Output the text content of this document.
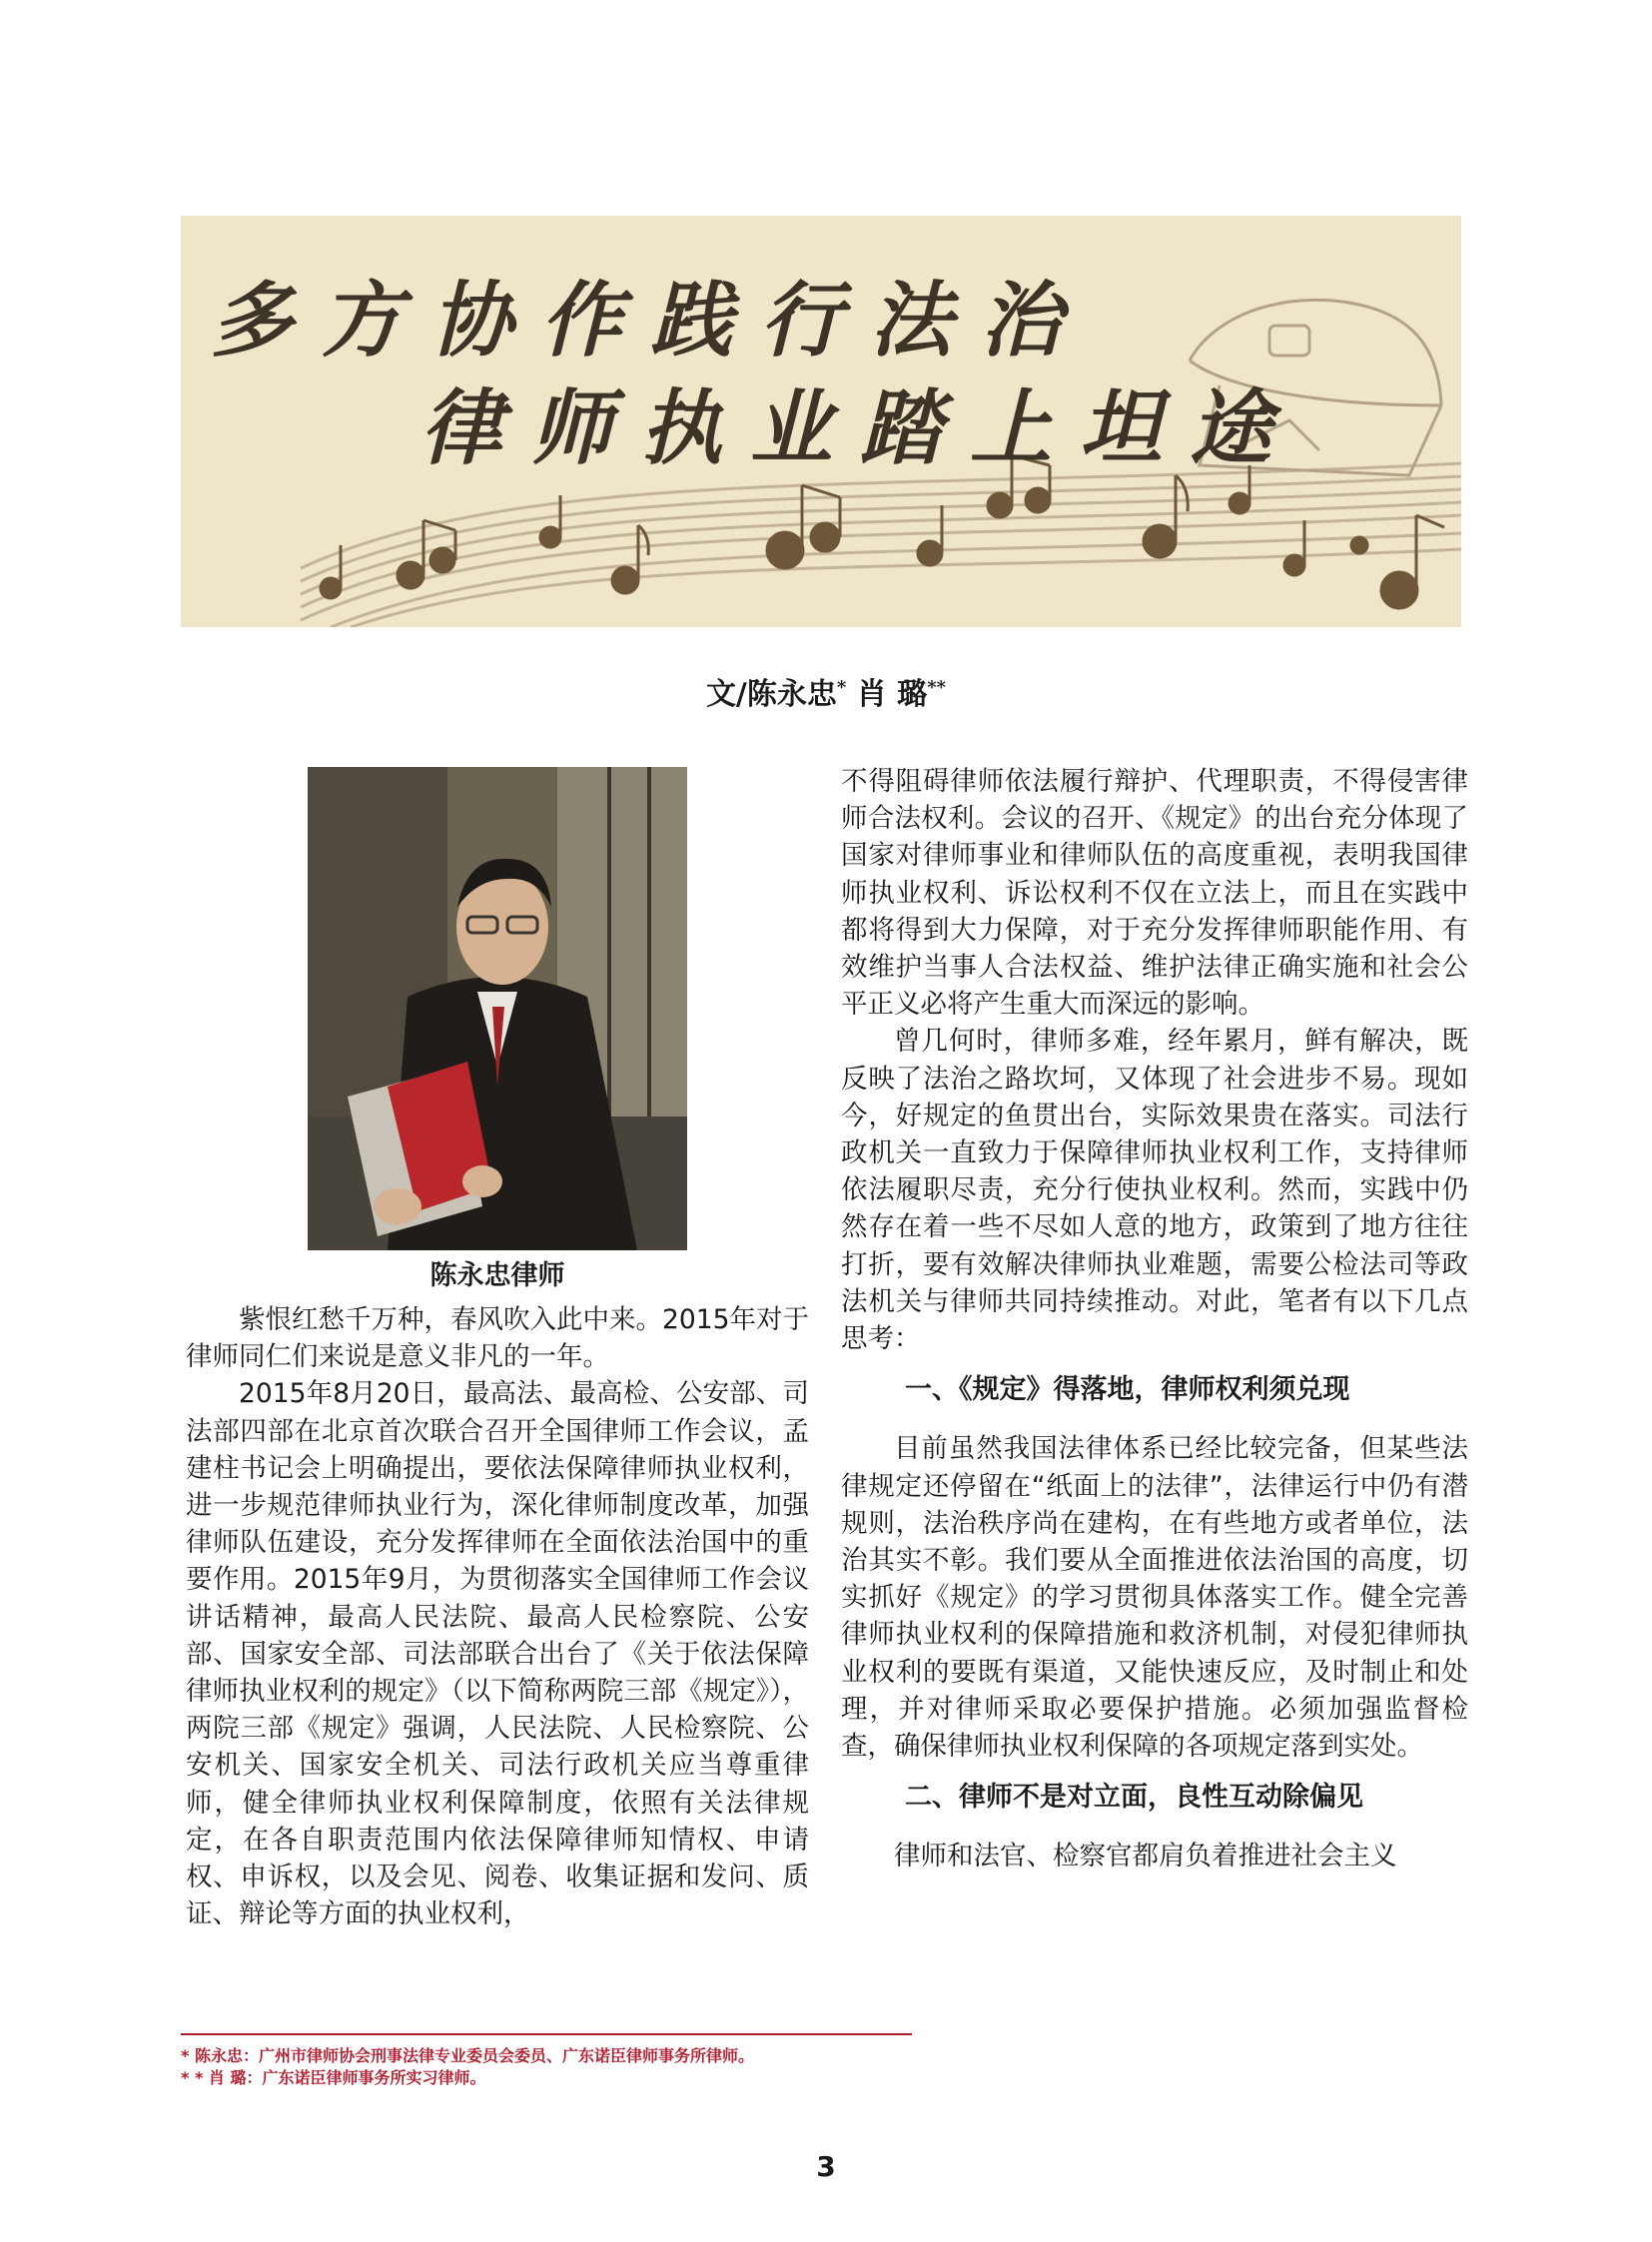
多方协作践行法治
律师执业踏上坦途
文/陈永忠* 肖 璐**
陈永忠律师

紫恨红愁千万种，春风吹入此中来。2015年对于律师同仁们来说是意义非凡的一年。

2015年8月20日，最高法、最高检、公安部、司法部四部在北京首次联合召开全国律师工作会议，孟建柱书记会上明确提出，要依法保障律师执业权利，进一步规范律师执业行为，深化律师制度改革，加强律师队伍建设，充分发挥律师在全面依法治国中的重要作用。2015年9月，为贯彻落实全国律师工作会议讲话精神，最高人民法院、最高人民检察院、公安部、国家安全部、司法部联合出台了《关于依法保障律师执业权利的规定》（以下简称两院三部《规定》），两院三部《规定》强调，人民法院、人民检察院、公安机关、国家安全机关、司法行政机关应当尊重律师，健全律师执业权利保障制度，依照有关法律规定，在各自职责范围内依法保障律师知情权、申请权、申诉权，以及会见、阅卷、收集证据和发问、质证、辩论等方面的执业权利，

不得阻碍律师依法履行辩护、代理职责，不得侵害律师合法权利。会议的召开、《规定》的出台充分体现了国家对律师事业和律师队伍的高度重视，表明我国律师执业权利、诉讼权利不仅在立法上，而且在实践中都将得到大力保障，对于充分发挥律师职能作用、有效维护当事人合法权益、维护法律正确实施和社会公平正义必将产生重大而深远的影响。

曾几何时，律师多难，经年累月，鲜有解决，既反映了法治之路坎坷，又体现了社会进步不易。现如今，好规定的鱼贯出台，实际效果贵在落实。司法行政机关一直致力于保障律师执业权利工作，支持律师依法履职尽责，充分行使执业权利。然而，实践中仍然存在着一些不尽如人意的地方，政策到了地方往往打折，要有效解决律师执业难题，需要公检法司等政法机关与律师共同持续推动。对此，笔者有以下几点思考：

一、《规定》得落地，律师权利须兑现

目前虽然我国法律体系已经比较完备，但某些法律规定还停留在“纸面上的法律”，法律运行中仍有潜规则，法治秩序尚在建构，在有些地方或者单位，法治其实不彰。我们要从全面推进依法治国的高度，切实抓好《规定》的学习贯彻具体落实工作。健全完善律师执业权利的保障措施和救济机制，对侵犯律师执业权利的要既有渠道，又能快速反应，及时制止和处理，并对律师采取必要保护措施。必须加强监督检查，确保律师执业权利保障的各项规定落到实处。

二、律师不是对立面，良性互动除偏见

律师和法官、检察官都肩负着推进社会主义

* 陈永忠：广州市律师协会刑事法律专业委员会委员、广东诺臣律师事务所律师。

* * 肖 璐：广东诺臣律师事务所实习律师。

3
